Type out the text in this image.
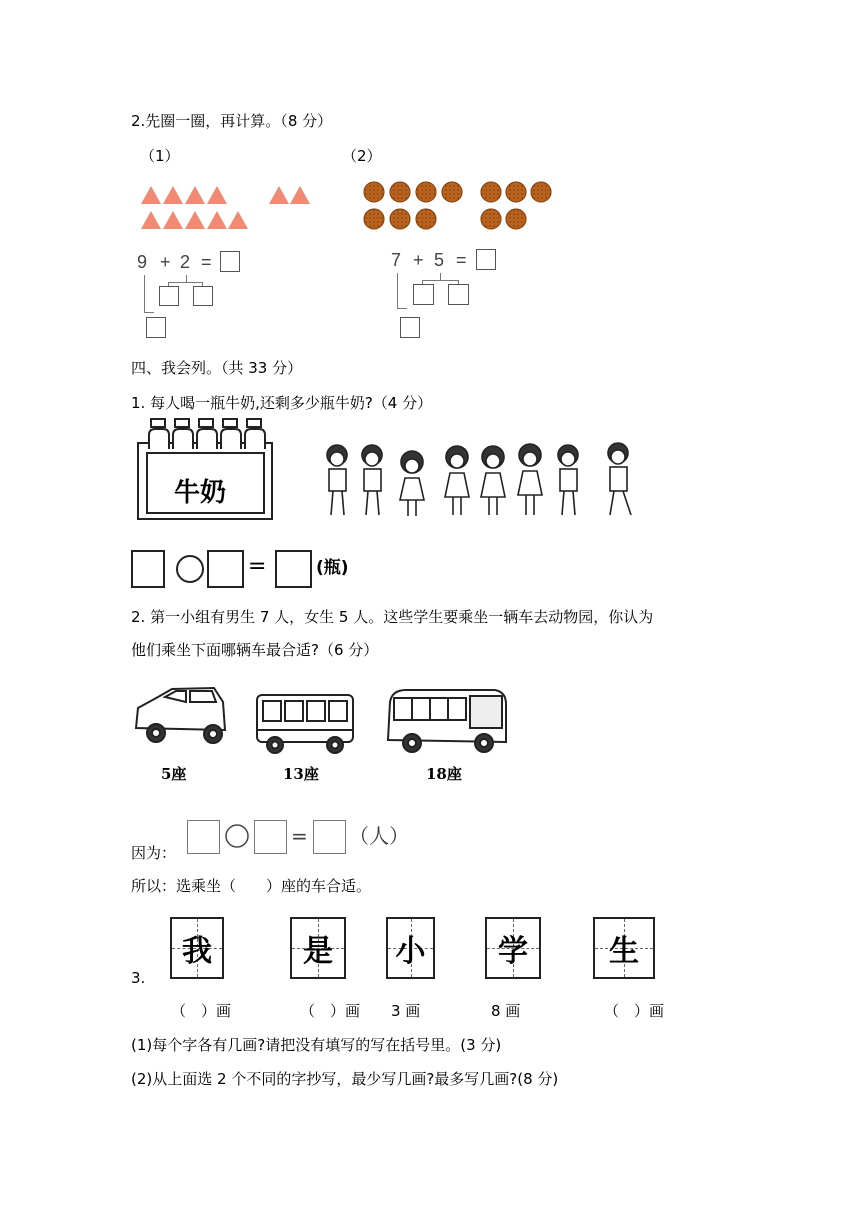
2.先圈一圈，再计算。（8 分）
（1）	（2）
9 + 2 =	7 + 5 =
四、我会列。（共 33 分）
1. 每人喝一瓶牛奶,还剩多少瓶牛奶?（4 分）
牛奶
=	(瓶)
2. 第一小组有男生 7 人，女生 5 人。这些学生要乘坐一辆车去动物园，你认为
他们乘坐下面哪辆车最合适?（6 分）
5座	13座	18座
因为：
= （人）
所以：选乘坐（　　）座的车合适。
3.
我	是	小	学	生
（　）画	（　）画 3 画	8 画	（　）画
(1)每个字各有几画?请把没有填写的写在括号里。(3 分)
(2)从上面选 2 个不同的字抄写，最少写几画?最多写几画?(8 分)
